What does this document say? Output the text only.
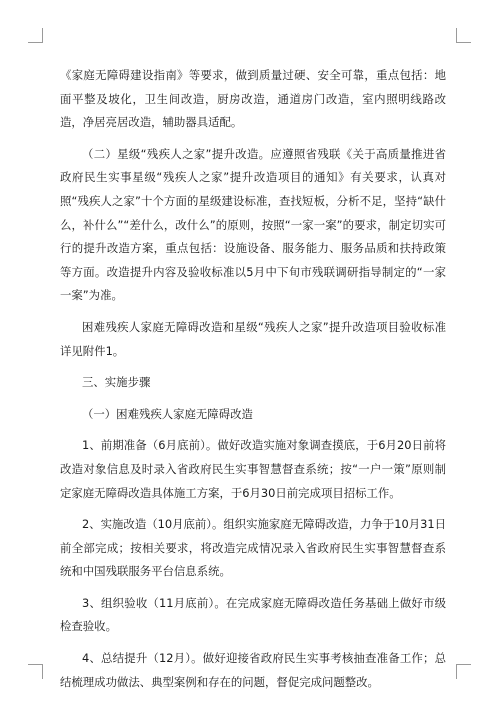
《家庭无障碍建设指南》等要求，做到质量过硬、安全可靠，重点包括：地面平整及坡化，卫生间改造，厨房改造，通道房门改造，室内照明线路改造，净居亮居改造，辅助器具适配。

（二）星级“残疾人之家”提升改造。应遵照省残联《关于高质量推进省政府民生实事星级“残疾人之家”提升改造项目的通知》有关要求，认真对照“残疾人之家”十个方面的星级建设标准，查找短板，分析不足，坚持“缺什么，补什么”“差什么，改什么”的原则，按照“一家一案”的要求，制定切实可行的提升改造方案，重点包括：设施设备、服务能力、服务品质和扶持政策等方面。改造提升内容及验收标准以5月中下旬市残联调研指导制定的“一家一案”为准。

困难残疾人家庭无障碍改造和星级“残疾人之家”提升改造项目验收标准详见附件1。

三、实施步骤

（一）困难残疾人家庭无障碍改造

1、前期准备（6月底前）。做好改造实施对象调查摸底，于6月20日前将改造对象信息及时录入省政府民生实事智慧督查系统；按“一户一策”原则制定家庭无障碍改造具体施工方案，于6月30日前完成项目招标工作。

2、实施改造（10月底前）。组织实施家庭无障碍改造，力争于10月31日前全部完成；按相关要求，将改造完成情况录入省政府民生实事智慧督查系统和中国残联服务平台信息系统。

3、组织验收（11月底前）。在完成家庭无障碍改造任务基础上做好市级检查验收。

4、总结提升（12月）。做好迎接省政府民生实事考核抽查准备工作；总结梳理成功做法、典型案例和存在的问题，督促完成问题整改。
